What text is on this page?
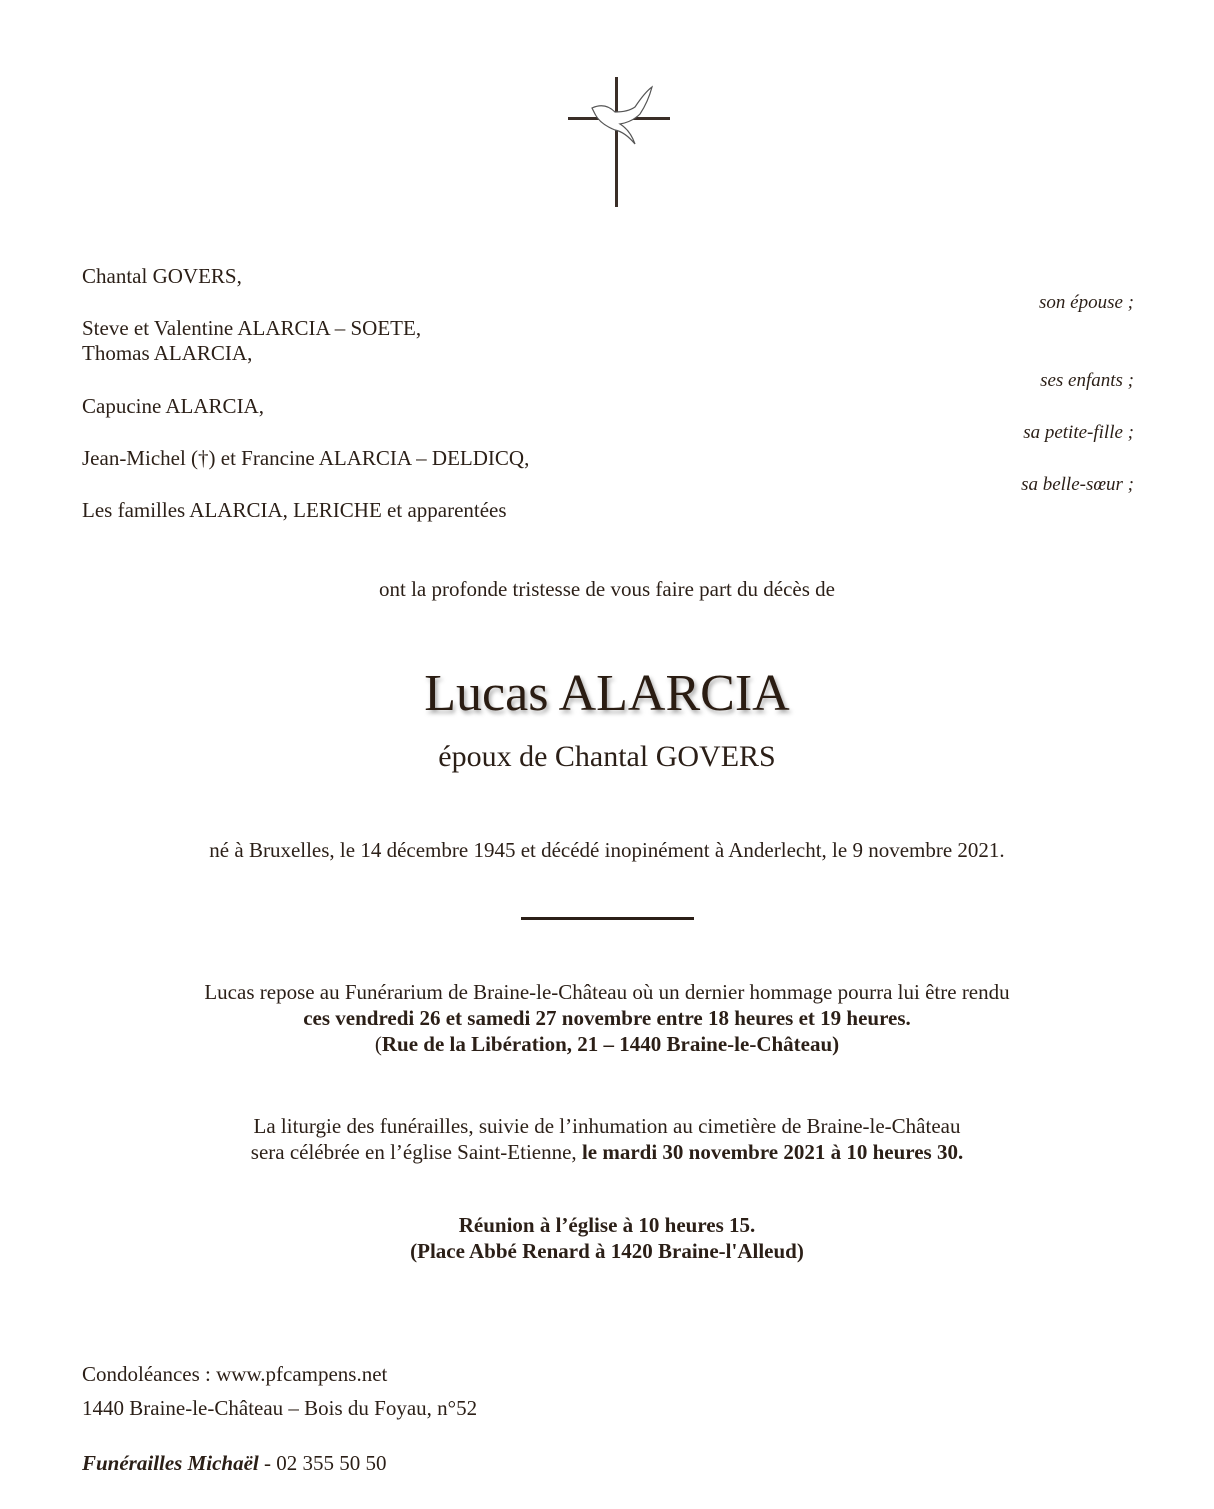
Chantal GOVERS,
son épouse ;
Steve et Valentine ALARCIA – SOETE,
Thomas ALARCIA,
ses enfants ;
Capucine ALARCIA,
sa petite-fille ;
Jean-Michel (†) et Francine ALARCIA – DELDICQ,
sa belle-sœur ;
Les familles ALARCIA, LERICHE et apparentées
ont la profonde tristesse de vous faire part du décès de
Lucas ALARCIA
époux de Chantal GOVERS
né à Bruxelles, le 14 décembre 1945 et décédé inopinément à Anderlecht, le 9 novembre 2021.
Lucas repose au Funérarium de Braine-le-Château où un dernier hommage pourra lui être rendu
ces vendredi 26 et samedi 27 novembre entre 18 heures et 19 heures.
(Rue de la Libération, 21 – 1440 Braine-le-Château)
La liturgie des funérailles, suivie de l’inhumation au cimetière de Braine-le-Château
sera célébrée en l’église Saint-Etienne, le mardi 30 novembre 2021 à 10 heures 30.
Réunion à l’église à 10 heures 15.
(Place Abbé Renard à 1420 Braine-l'Alleud)
Condoléances : www.pfcampens.net
1440 Braine-le-Château – Bois du Foyau, n°52
Funérailles Michaël - 02 355 50 50
